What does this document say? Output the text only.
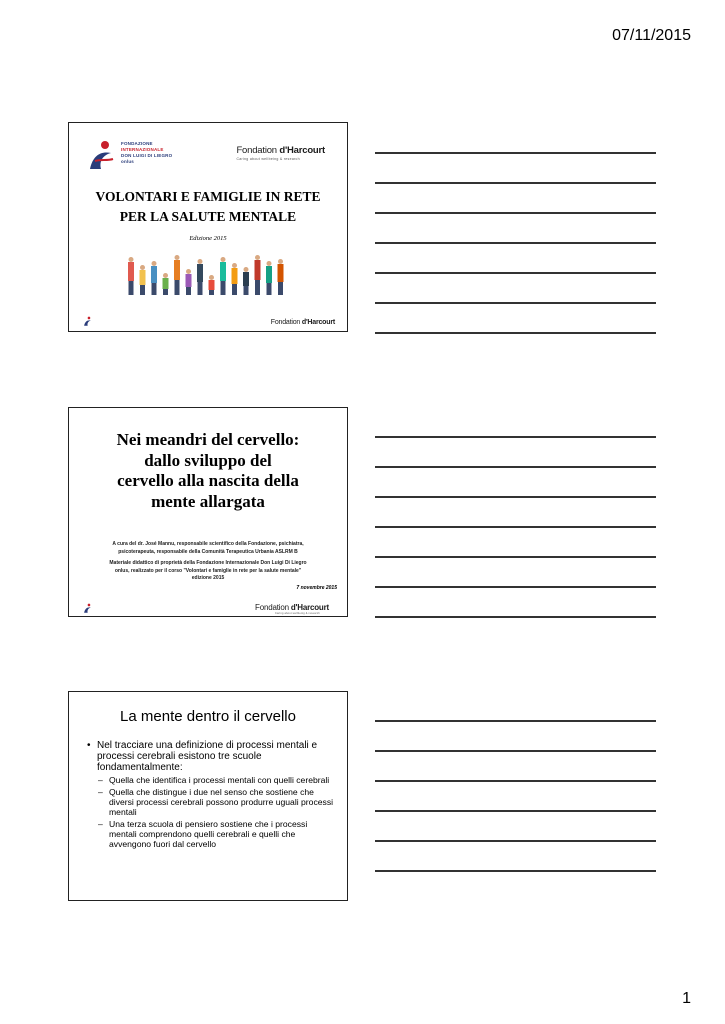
07/11/2015
FONDAZIONE
INTERNAZIONALE
DON LUIGI DI LIEGRO
onlus
Fondation d'Harcourt
Caring about wellbeing & research
VOLONTARI E FAMIGLIE IN RETE
PER LA SALUTE MENTALE
Edizione 2015
Fondation d'Harcourt
Nei meandri del cervello:
dallo sviluppo del
cervello alla nascita della
mente allargata
A cura del dr. José Mannu, responsabile scientifico della Fondazione, psichiatra,
psicoterapeuta, responsabile della Comunità Terapeutica Urbania ASLRM B
Materiale didattico di proprietà della Fondazione Internazionale Don Luigi Di Liegro
onlus, realizzato per il corso "Volontari e famiglie in rete per la salute mentale"
edizione 2015
7 novembre 2015
Fondation d'Harcourt
Caring about wellbeing & research
La mente dentro il cervello
• Nel tracciare una definizione di processi mentali e processi cerebrali esistono tre scuole fondamentalmente:
– Quella che identifica i processi mentali con quelli cerebrali
– Quella che distingue i due nel senso che sostiene che diversi processi cerebrali possono produrre uguali processi mentali
– Una terza scuola di pensiero sostiene che i processi mentali comprendono quelli cerebrali e quelli che avvengono fuori dal cervello
1
